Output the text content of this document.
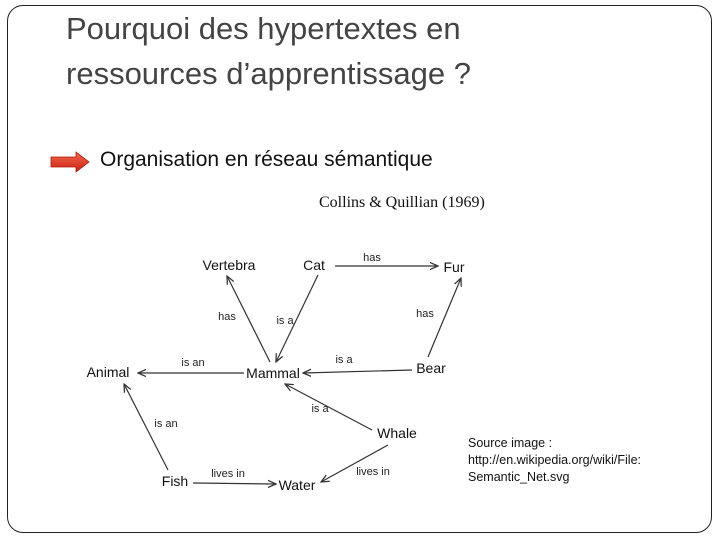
Pourquoi des hypertextes en
ressources d’apprentissage ?
Organisation en réseau sémantique
Collins & Quillian (1969)
has
has	is a
has
is an	is a
is a
is an
lives in	lives in
Vertebra	Cat	Fur
Animal	Mammal	Bear
Whale
Fish	Water
Source image :
http://en.wikipedia.org/wiki/File:
Semantic_Net.svg
